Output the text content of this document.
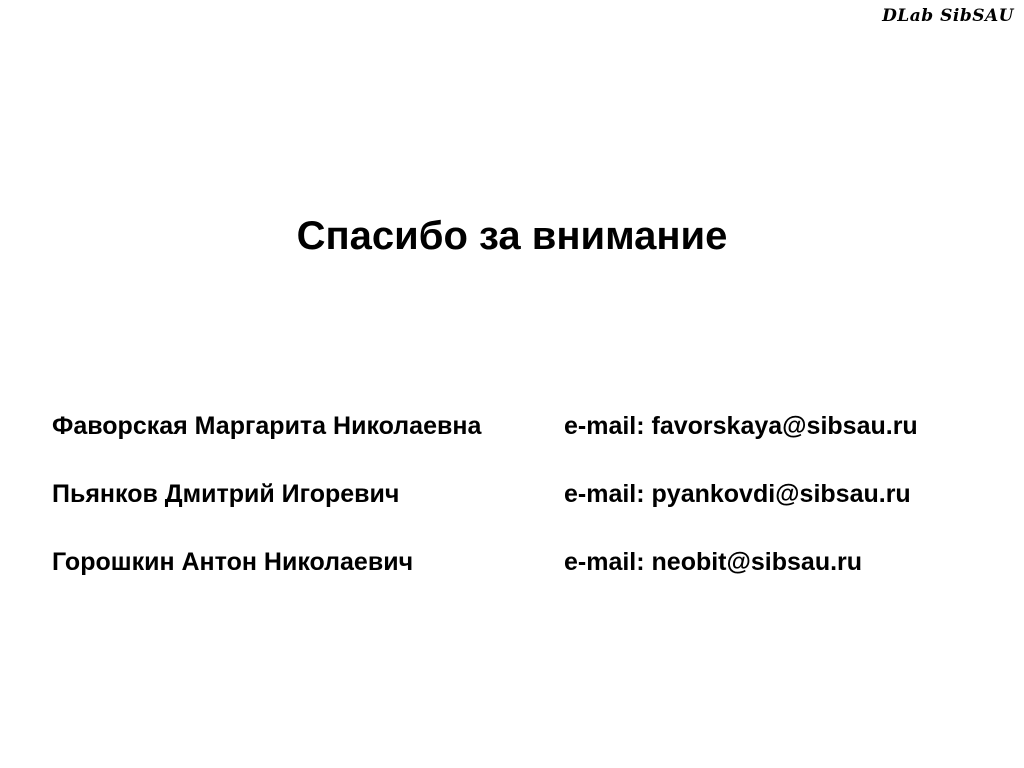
DLab SibSAU
Спасибо за внимание
Фаворская Маргарита Николаевна	e-mail: favorskaya@sibsau.ru
Пьянков Дмитрий Игоревич	e-mail: pyankovdi@sibsau.ru
Горошкин Антон Николаевич	e-mail: neobit@sibsau.ru
